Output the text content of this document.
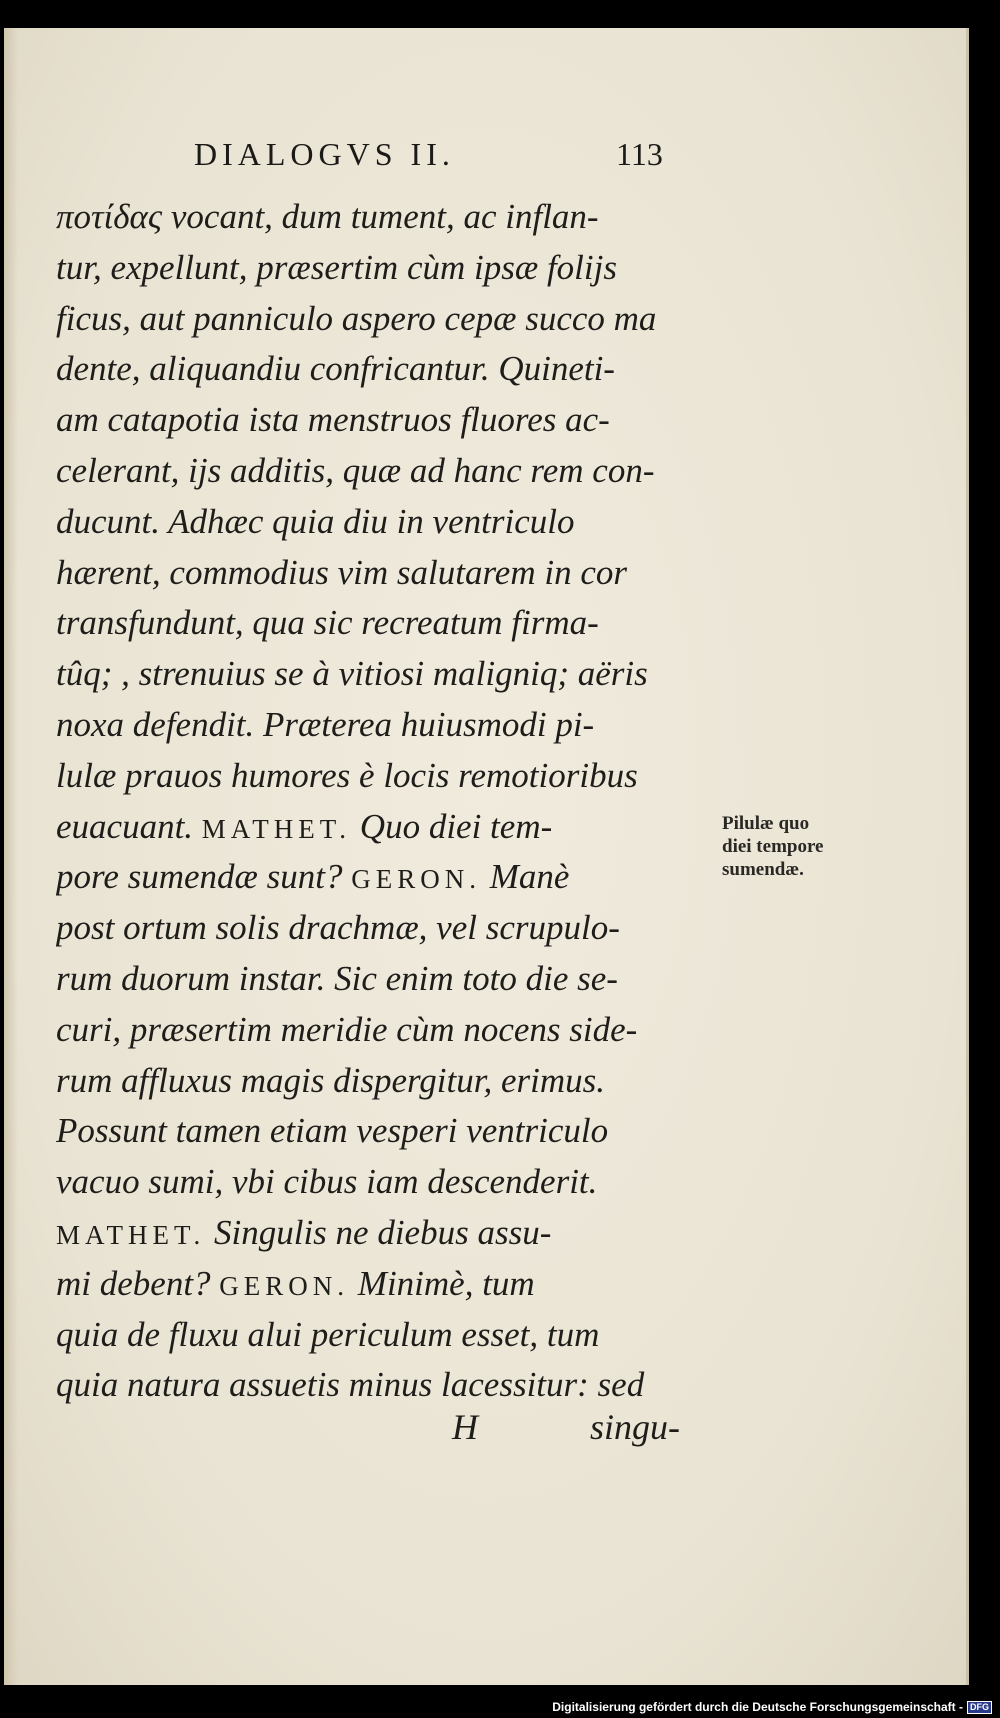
DIALOGVS II.	113
ποτίδας vocant, dum tument, ac inflan-
tur, expellunt, præsertim cùm ipsæ folijs
ficus, aut panniculo aspero cepæ succo ma
dente, aliquandiu confricantur. Quineti-
am catapotia ista menstruos fluores ac-
celerant, ijs additis, quæ ad hanc rem con-
ducunt. Adhæc quia diu in ventriculo
hærent, commodius vim salutarem in cor
transfundunt, qua sic recreatum firma-
tûq; , strenuius se à vitiosi maligniq; aëris
noxa defendit. Præterea huiusmodi pi-
lulæ prauos humores è locis remotioribus
euacuant. MATHET. Quo diei tem-
pore sumendæ sunt? GERON. Manè
post ortum solis drachmæ, vel scrupulo-
rum duorum instar. Sic enim toto die se-
curi, præsertim meridie cùm nocens side-
rum affluxus magis dispergitur, erimus.
Possunt tamen etiam vesperi ventriculo
vacuo sumi, vbi cibus iam descenderit.
MATHET. Singulis ne diebus assu-
mi debent? GERON. Minimè, tum
quia de fluxu alui periculum esset, tum
quia natura assuetis minus lacessitur: sed
Pilulæ quo
diei tempore
sumendæ.
H	singu-
Digitalisierung gefördert durch die Deutsche Forschungsgemeinschaft - DFG
